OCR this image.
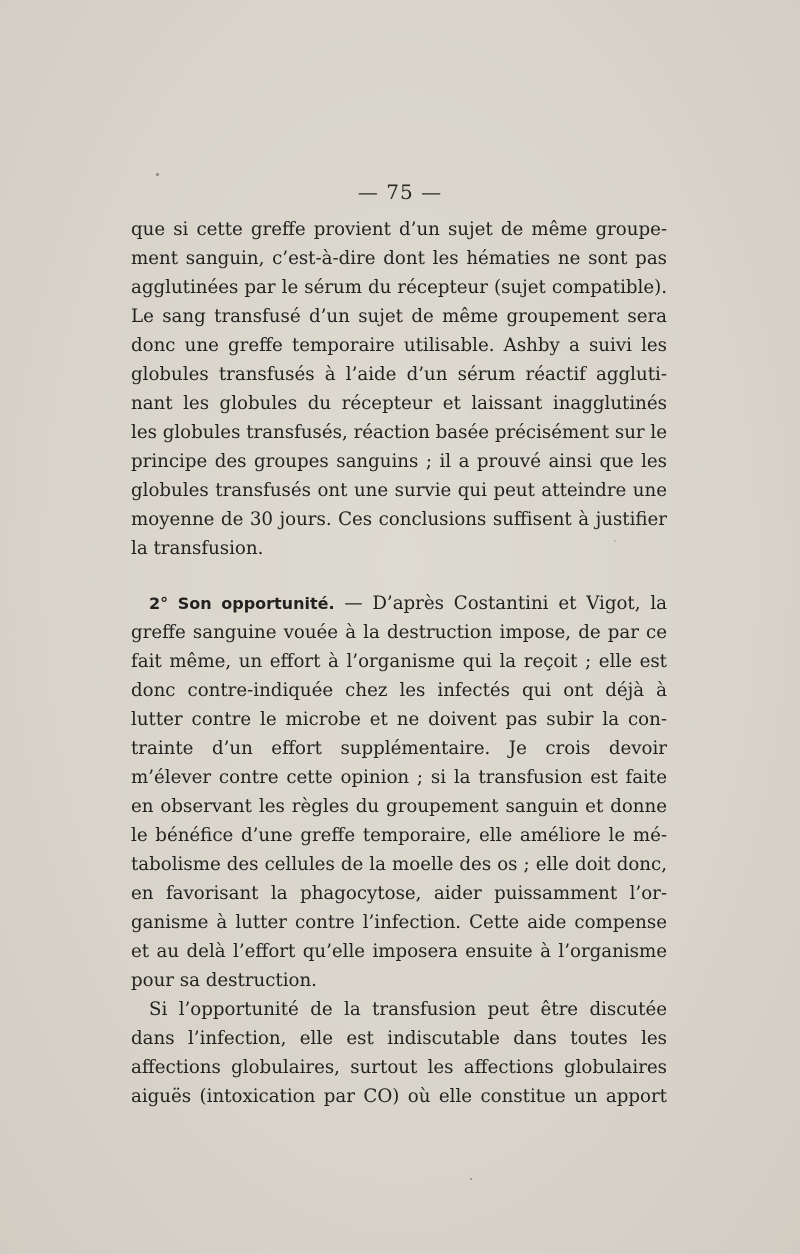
— 75 —
que si cette greffe provient d’un sujet de même groupe-
ment sanguin, c’est-à-dire dont les hématies ne sont pas
agglutinées par le sérum du récepteur (sujet compatible).
Le sang transfusé d’un sujet de même groupement sera
donc une greffe temporaire utilisable. Ashby a suivi les
globules transfusés à l’aide d’un sérum réactif aggluti-
nant les globules du récepteur et laissant inagglutinés
les globules transfusés, réaction basée précisément sur le
principe des groupes sanguins ; il a prouvé ainsi que les
globules transfusés ont une survie qui peut atteindre une
moyenne de 30 jours. Ces conclusions suffisent à justifier
la transfusion.
2° Son opportunité. — D’après Costantini et Vigot, la
greffe sanguine vouée à la destruction impose, de par ce
fait même, un effort à l’organisme qui la reçoit ; elle est
donc contre-indiquée chez les infectés qui ont déjà à
lutter contre le microbe et ne doivent pas subir la con-
trainte d’un effort supplémentaire. Je crois devoir
m’élever contre cette opinion ; si la transfusion est faite
en observant les règles du groupement sanguin et donne
le bénéfice d’une greffe temporaire, elle améliore le mé-
tabolisme des cellules de la moelle des os ; elle doit donc,
en favorisant la phagocytose, aider puissamment l’or-
ganisme à lutter contre l’infection. Cette aide compense
et au delà l’effort qu’elle imposera ensuite à l’organisme
pour sa destruction.
Si l’opportunité de la transfusion peut être discutée
dans l’infection, elle est indiscutable dans toutes les
affections globulaires, surtout les affections globulaires
aiguës (intoxication par CO) où elle constitue un apport
